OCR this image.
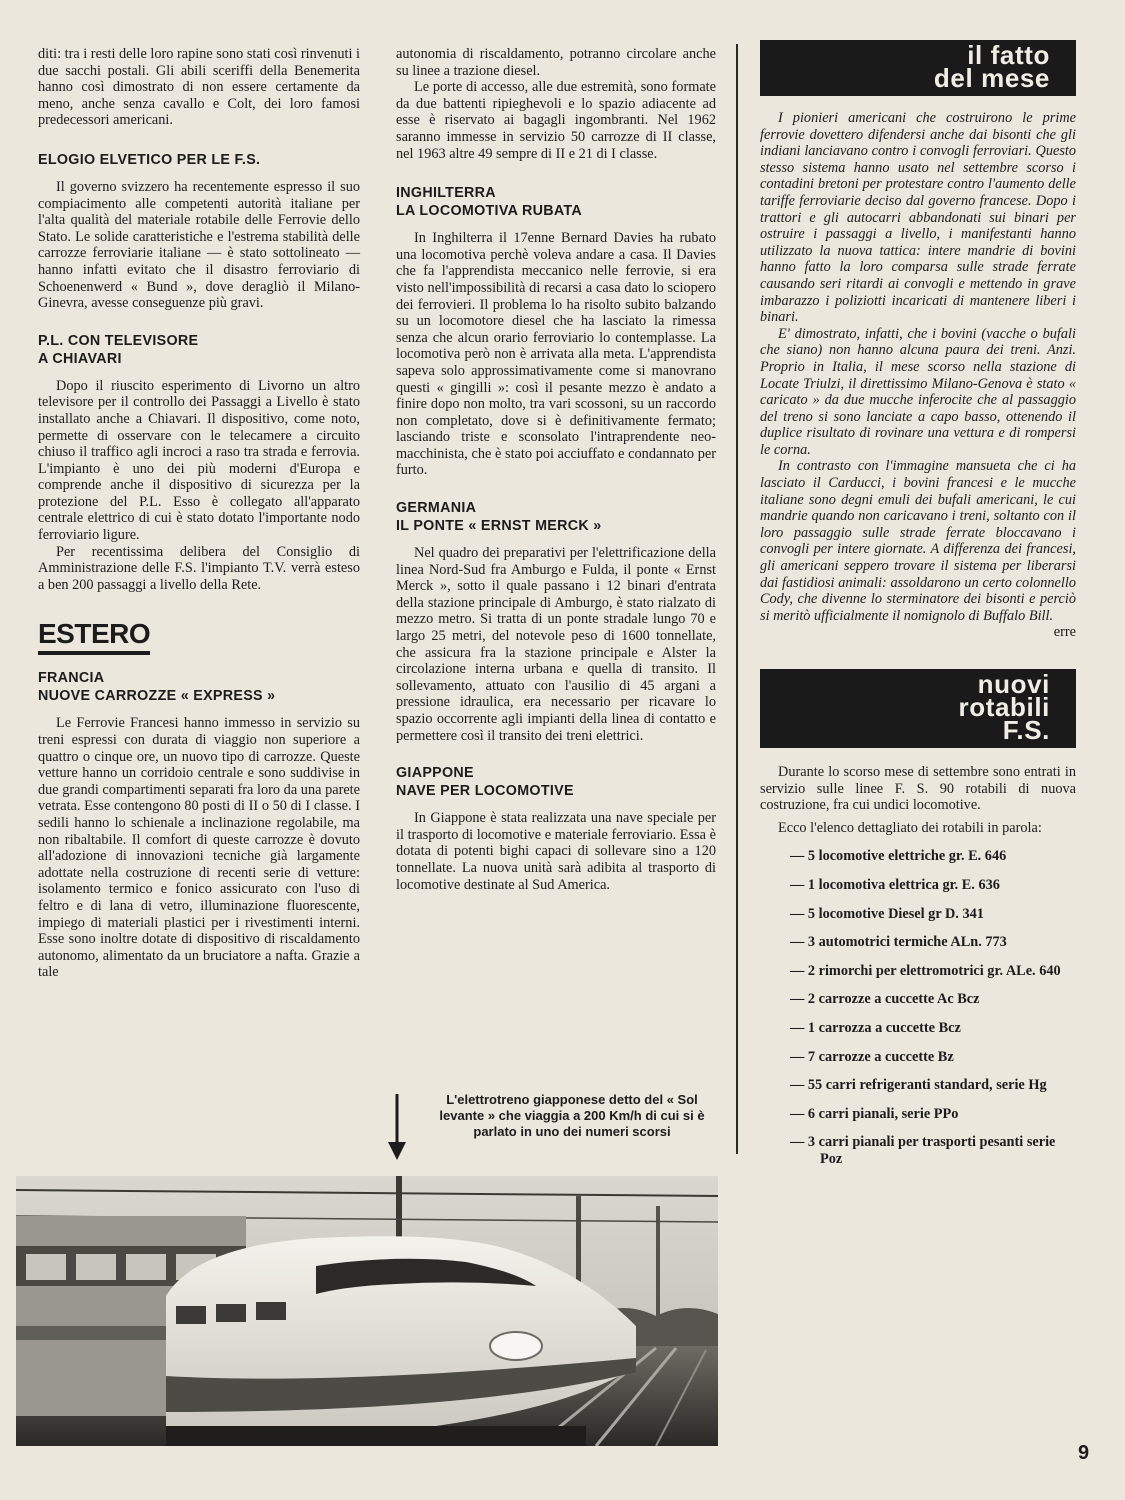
diti: tra i resti delle loro rapine sono stati così rinvenuti i due sacchi postali. Gli abili sceriffi della Benemerita hanno così dimostrato di non essere certamente da meno, anche senza cavallo e Colt, dei loro famosi predecessori americani.

ELOGIO ELVETICO PER LE F.S.

Il governo svizzero ha recentemente espresso il suo compiacimento alle competenti autorità italiane per l'alta qualità del materiale rotabile delle Ferrovie dello Stato. Le solide caratteristiche e l'estrema stabilità delle carrozze ferroviarie italiane — è stato sottolineato — hanno infatti evitato che il disastro ferroviario di Schoenenwerd « Bund », dove deragliò il Milano-Ginevra, avesse conseguenze più gravi.

P.L. CON TELEVISORE
A CHIAVARI

Dopo il riuscito esperimento di Livorno un altro televisore per il controllo dei Passaggi a Livello è stato installato anche a Chiavari. Il dispositivo, come noto, permette di osservare con le telecamere a circuito chiuso il traffico agli incroci a raso tra strada e ferrovia. L'impianto è uno dei più moderni d'Europa e comprende anche il dispositivo di sicurezza per la protezione del P.L. Esso è collegato all'apparato centrale elettrico di cui è stato dotato l'importante nodo ferroviario ligure.

Per recentissima delibera del Consiglio di Amministrazione delle F.S. l'impianto T.V. verrà esteso a ben 200 passaggi a livello della Rete.

ESTERO
FRANCIA
NUOVE CARROZZE « EXPRESS »

Le Ferrovie Francesi hanno immesso in servizio su treni espressi con durata di viaggio non superiore a quattro o cinque ore, un nuovo tipo di carrozze. Queste vetture hanno un corridoio centrale e sono suddivise in due grandi compartimenti separati fra loro da una parete vetrata. Esse contengono 80 posti di II o 50 di I classe. I sedili hanno lo schienale a inclinazione regolabile, ma non ribaltabile. Il comfort di queste carrozze è dovuto all'adozione di innovazioni tecniche già largamente adottate nella costruzione di recenti serie di vetture: isolamento termico e fonico assicurato con l'uso di feltro e di lana di vetro, illuminazione fluorescente, impiego di materiali plastici per i rivestimenti interni. Esse sono inoltre dotate di dispositivo di riscaldamento autonomo, alimentato da un bruciatore a nafta. Grazie a tale

autonomia di riscaldamento, potranno circolare anche su linee a trazione diesel.

Le porte di accesso, alle due estremità, sono formate da due battenti ripieghevoli e lo spazio adiacente ad esse è riservato ai bagagli ingombranti. Nel 1962 saranno immesse in servizio 50 carrozze di II classe, nel 1963 altre 49 sempre di II e 21 di I classe.

INGHILTERRA
LA LOCOMOTIVA RUBATA

In Inghilterra il 17enne Bernard Davies ha rubato una locomotiva perchè voleva andare a casa. Il Davies che fa l'apprendista meccanico nelle ferrovie, si era visto nell'impossibilità di recarsi a casa dato lo sciopero dei ferrovieri. Il problema lo ha risolto subito balzando su un locomotore diesel che ha lasciato la rimessa senza che alcun orario ferroviario lo contemplasse. La locomotiva però non è arrivata alla meta. L'apprendista sapeva solo approssimativamente come si manovrano questi « gingilli »: così il pesante mezzo è andato a finire dopo non molto, tra vari scossoni, su un raccordo non completato, dove si è definitivamente fermato; lasciando triste e sconsolato l'intraprendente neo-macchinista, che è stato poi acciuffato e condannato per furto.

GERMANIA
IL PONTE « ERNST MERCK »

Nel quadro dei preparativi per l'elettrificazione della linea Nord-Sud fra Amburgo e Fulda, il ponte « Ernst Merck », sotto il quale passano i 12 binari d'entrata della stazione principale di Amburgo, è stato rialzato di mezzo metro. Si tratta di un ponte stradale lungo 70 e largo 25 metri, del notevole peso di 1600 tonnellate, che assicura fra la stazione principale e Alster la circolazione interna urbana e quella di transito. Il sollevamento, attuato con l'ausilio di 45 argani a pressione idraulica, era necessario per ricavare lo spazio occorrente agli impianti della linea di contatto e permettere così il transito dei treni elettrici.

GIAPPONE
NAVE PER LOCOMOTIVE

In Giappone è stata realizzata una nave speciale per il trasporto di locomotive e materiale ferroviario. Essa è dotata di potenti bighi capaci di sollevare sino a 120 tonnellate. La nuova unità sarà adibita al trasporto di locomotive destinate al Sud America.

il fatto
del mese

I pionieri americani che costruirono le prime ferrovie dovettero difendersi anche dai bisonti che gli indiani lanciavano contro i convogli ferroviari. Questo stesso sistema hanno usato nel settembre scorso i contadini bretoni per protestare contro l'aumento delle tariffe ferroviarie deciso dal governo francese. Dopo i trattori e gli autocarri abbandonati sui binari per ostruire i passaggi a livello, i manifestanti hanno utilizzato la nuova tattica: intere mandrie di bovini hanno fatto la loro comparsa sulle strade ferrate causando seri ritardi ai convogli e mettendo in grave imbarazzo i poliziotti incaricati di mantenere liberi i binari.

E' dimostrato, infatti, che i bovini (vacche o bufali che siano) non hanno alcuna paura dei treni. Anzi. Proprio in Italia, il mese scorso nella stazione di Locate Triulzi, il direttissimo Milano-Genova è stato « caricato » da due mucche inferocite che al passaggio del treno si sono lanciate a capo basso, ottenendo il duplice risultato di rovinare una vettura e di rompersi le corna.

In contrasto con l'immagine mansueta che ci ha lasciato il Carducci, i bovini francesi e le mucche italiane sono degni emuli dei bufali americani, le cui mandrie quando non caricavano i treni, soltanto con il loro passaggio sulle strade ferrate bloccavano i convogli per intere giornate. A differenza dei francesi, gli americani seppero trovare il sistema per liberarsi dai fastidiosi animali: assoldarono un certo colonnello Cody, che divenne lo sterminatore dei bisonti e perciò si meritò ufficialmente il nomignolo di Buffalo Bill.

erre

nuovi
rotabili
F.S.

Durante lo scorso mese di settembre sono entrati in servizio sulle linee F. S. 90 rotabili di nuova costruzione, fra cui undici locomotive.

Ecco l'elenco dettagliato dei rotabili in parola:

— 5 locomotive elettriche gr. E. 646
— 1 locomotiva elettrica gr. E. 636
— 5 locomotive Diesel gr D. 341
— 3 automotrici termiche ALn. 773
— 2 rimorchi per elettromotrici gr. ALe. 640
— 2 carrozze a cuccette Ac Bcz
— 1 carrozza a cuccette Bcz
— 7 carrozze a cuccette Bz
— 55 carri refrigeranti standard, serie Hg
— 6 carri pianali, serie PPo
— 3 carri pianali per trasporti pesanti serie Poz
L'elettrotreno giapponese detto del « Sol levante » che viaggia a 200 Km/h di cui si è parlato in uno dei numeri scorsi
9
